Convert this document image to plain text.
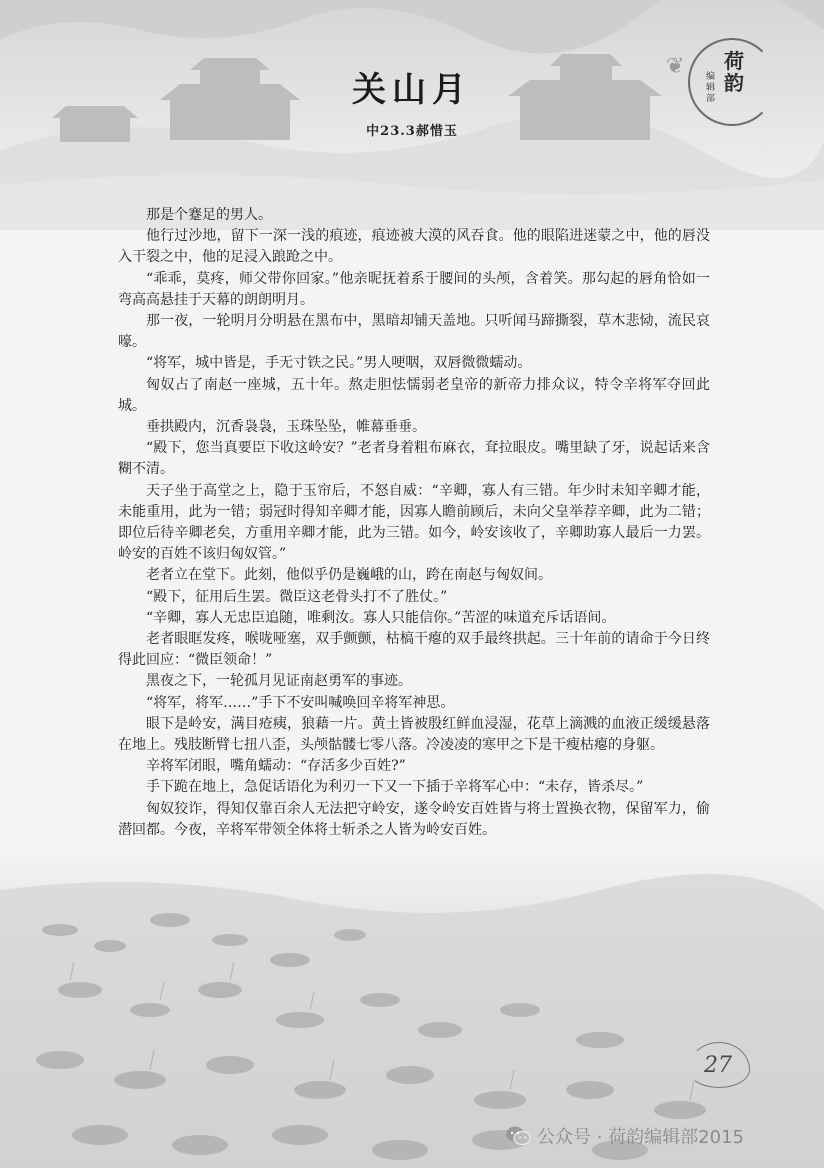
❦ 荷韵
编辑部
关山月
中23.3郝惜玉

那是个蹇足的男人。

他行过沙地，留下一深一浅的痕迹，痕迹被大漠的风吞食。他的眼陷进迷蒙之中，他的唇没入干裂之中，他的足浸入踉跄之中。

“乖乖，莫疼，师父带你回家。”他亲昵抚着系于腰间的头颅，含着笑。那勾起的唇角恰如一弯高高悬挂于天幕的朗朗明月。

那一夜，一轮明月分明悬在黑布中，黑暗却铺天盖地。只听闻马蹄撕裂，草木悲恸，流民哀嚎。

“将军，城中皆是，手无寸铁之民。”男人哽咽，双唇微微蠕动。

匈奴占了南赵一座城，五十年。熬走胆怯懦弱老皇帝的新帝力排众议，特令辛将军夺回此城。

垂拱殿内，沉香袅袅，玉珠坠坠，帷幕垂垂。

“殿下，您当真要臣下收这岭安？”老者身着粗布麻衣，耷拉眼皮。嘴里缺了牙，说起话来含糊不清。

天子坐于高堂之上，隐于玉帘后，不怒自威：“辛卿，寡人有三错。年少时未知辛卿才能，未能重用，此为一错；弱冠时得知辛卿才能，因寡人瞻前顾后，未向父皇举荐辛卿，此为二错；即位后待辛卿老矣，方重用辛卿才能，此为三错。如今，岭安该收了，辛卿助寡人最后一力罢。岭安的百姓不该归匈奴管。”

老者立在堂下。此刻，他似乎仍是巍峨的山，跨在南赵与匈奴间。

“殿下，征用后生罢。微臣这老骨头打不了胜仗。”

“辛卿，寡人无忠臣追随，唯剩汝。寡人只能信你。”苦涩的味道充斥话语间。

老者眼眶发疼，喉咙哑塞，双手颤颤，枯槁干瘪的双手最终拱起。三十年前的请命于今日终得此回应：“微臣领命！”

黑夜之下，一轮孤月见证南赵勇军的事迹。

“将军，将军……”手下不安叫喊唤回辛将军神思。

眼下是岭安，满目疮痍，狼藉一片。黄土皆被殷红鲜血浸湿，花草上滴溅的血液正缓缓悬落在地上。残肢断臂七扭八歪，头颅骷髅七零八落。冷凌凌的寒甲之下是干瘦枯瘪的身躯。

辛将军闭眼，嘴角蠕动：“存活多少百姓?”

手下跪在地上，急促话语化为利刃一下又一下插于辛将军心中：“未存，皆杀尽。”

匈奴狡诈，得知仅靠百余人无法把守岭安，遂令岭安百姓皆与将士置换衣物，保留军力，偷潜回都。今夜，辛将军带领全体将士斩杀之人皆为岭安百姓。

27
公众号 · 荷韵编辑部2015
